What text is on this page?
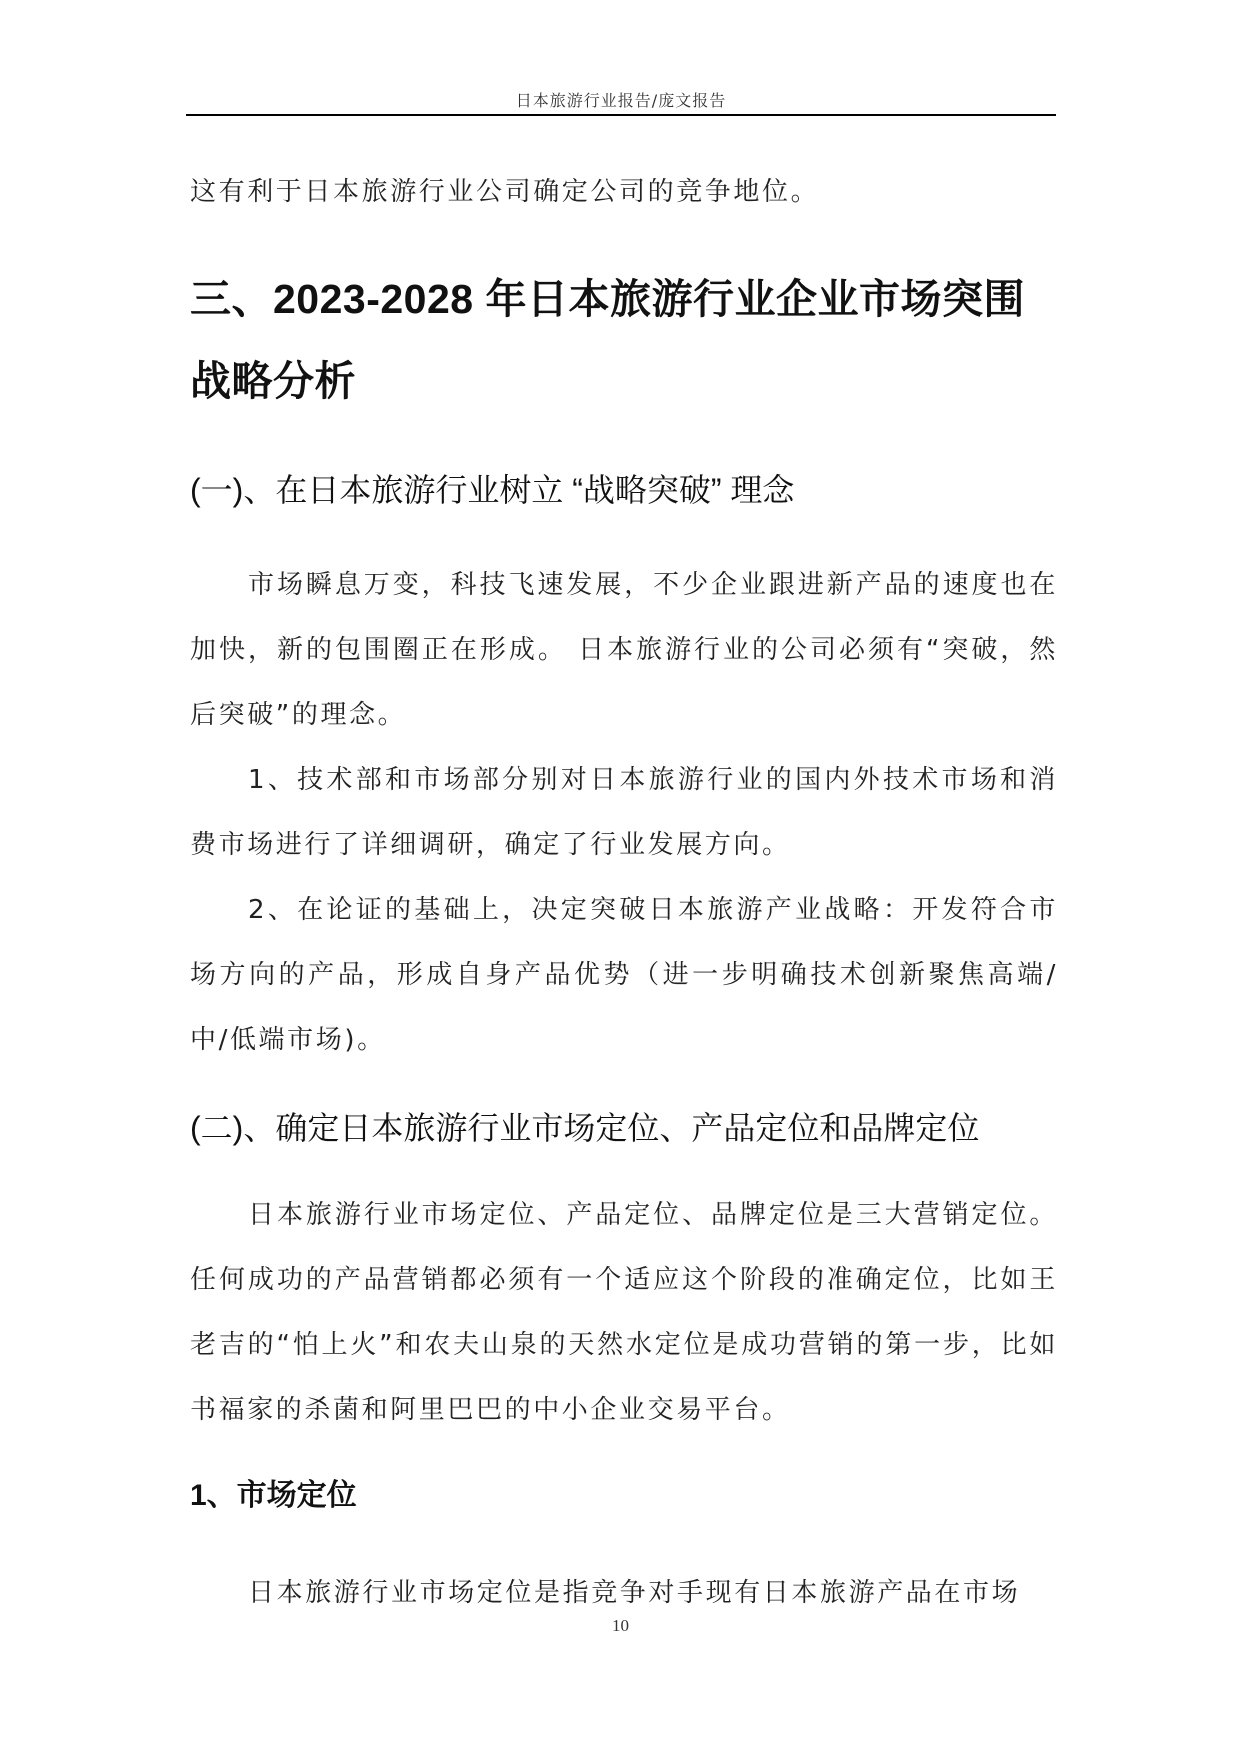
日本旅游行业报告/庞文报告

这有利于日本旅游行业公司确定公司的竞争地位。

三、2023-2028 年日本旅游行业企业市场突围战略分析
(一)、在日本旅游行业树立 “战略突破” 理念

市场瞬息万变，科技飞速发展，不少企业跟进新产品的速度也在加快，新的包围圈正在形成。 日本旅游行业的公司必须有“突破，然后突破”的理念。

1、技术部和市场部分别对日本旅游行业的国内外技术市场和消费市场进行了详细调研，确定了行业发展方向。

2、在论证的基础上，决定突破日本旅游产业战略：开发符合市场方向的产品，形成自身产品优势（进一步明确技术创新聚焦高端/中/低端市场)。

(二)、确定日本旅游行业市场定位、产品定位和品牌定位

日本旅游行业市场定位、产品定位、品牌定位是三大营销定位。任何成功的产品营销都必须有一个适应这个阶段的准确定位，比如王老吉的“怕上火”和农夫山泉的天然水定位是成功营销的第一步，比如书福家的杀菌和阿里巴巴的中小企业交易平台。

1、市场定位

日本旅游行业市场定位是指竞争对手现有日本旅游产品在市场

10
